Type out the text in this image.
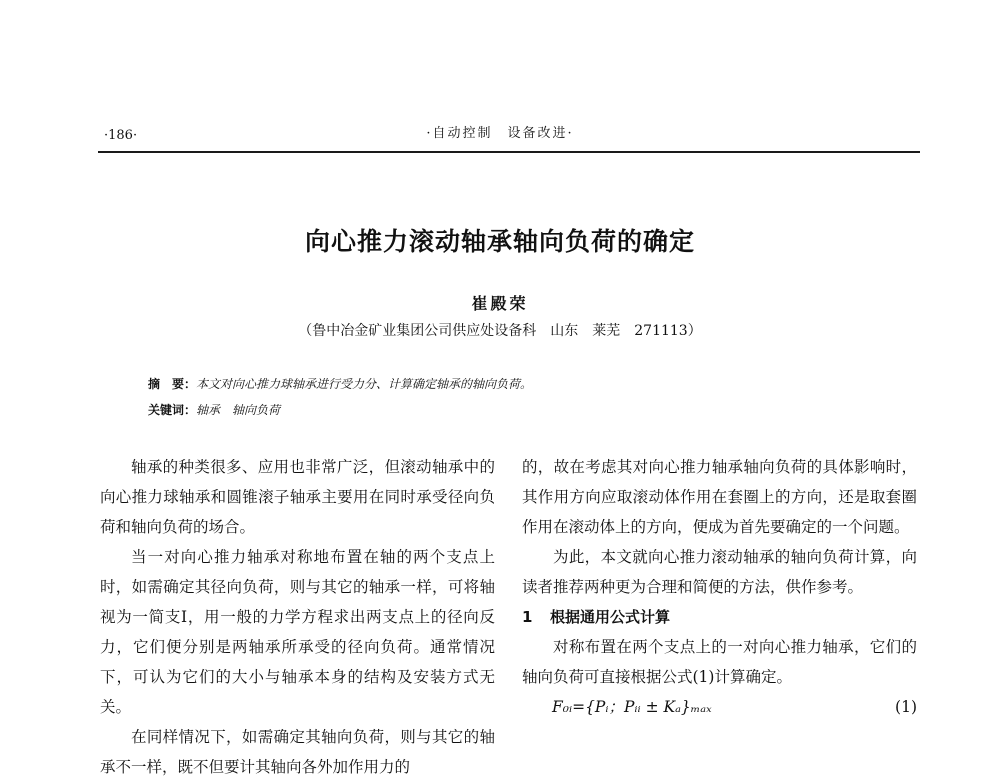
·186·	·自动控制　设备改进·
向心推力滚动轴承轴向负荷的确定
崔殿荣
（鲁中冶金矿业集团公司供应处设备科　山东　莱芜　271113）
摘　要：本文对向心推力球轴承进行受力分、计算确定轴承的轴向负荷。
关键词：轴承　轴向负荷

轴承的种类很多、应用也非常广泛，但滚动轴承中的向心推力球轴承和圆锥滚子轴承主要用在同时承受径向负荷和轴向负荷的场合。

当一对向心推力轴承对称地布置在轴的两个支点上时，如需确定其径向负荷，则与其它的轴承一样，可将轴视为一简支Ⅰ，用一般的力学方程求出两支点上的径向反力，它们便分别是两轴承所承受的径向负荷。通常情况下，可认为它们的大小与轴承本身的结构及安装方式无关。

在同样情况下，如需确定其轴向负荷，则与其它的轴承不一样，既不但要计其轴向各外加作用力的

的，故在考虑其对向心推力轴承轴向负荷的具体影响时，其作用方向应取滚动体作用在套圈上的方向，还是取套圈作用在滚动体上的方向，便成为首先要确定的一个问题。

为此，本文就向心推力滚动轴承的轴向负荷计算，向读者推荐两种更为合理和简便的方法，供作参考。

1 根据通用公式计算

对称布置在两个支点上的一对向心推力轴承，它们的轴向负荷可直接根据公式(1)计算确定。

F₀ᵢ={Pᵢ；Pᵢᵢ ± Kₐ}ₘₐₓ	(1)
